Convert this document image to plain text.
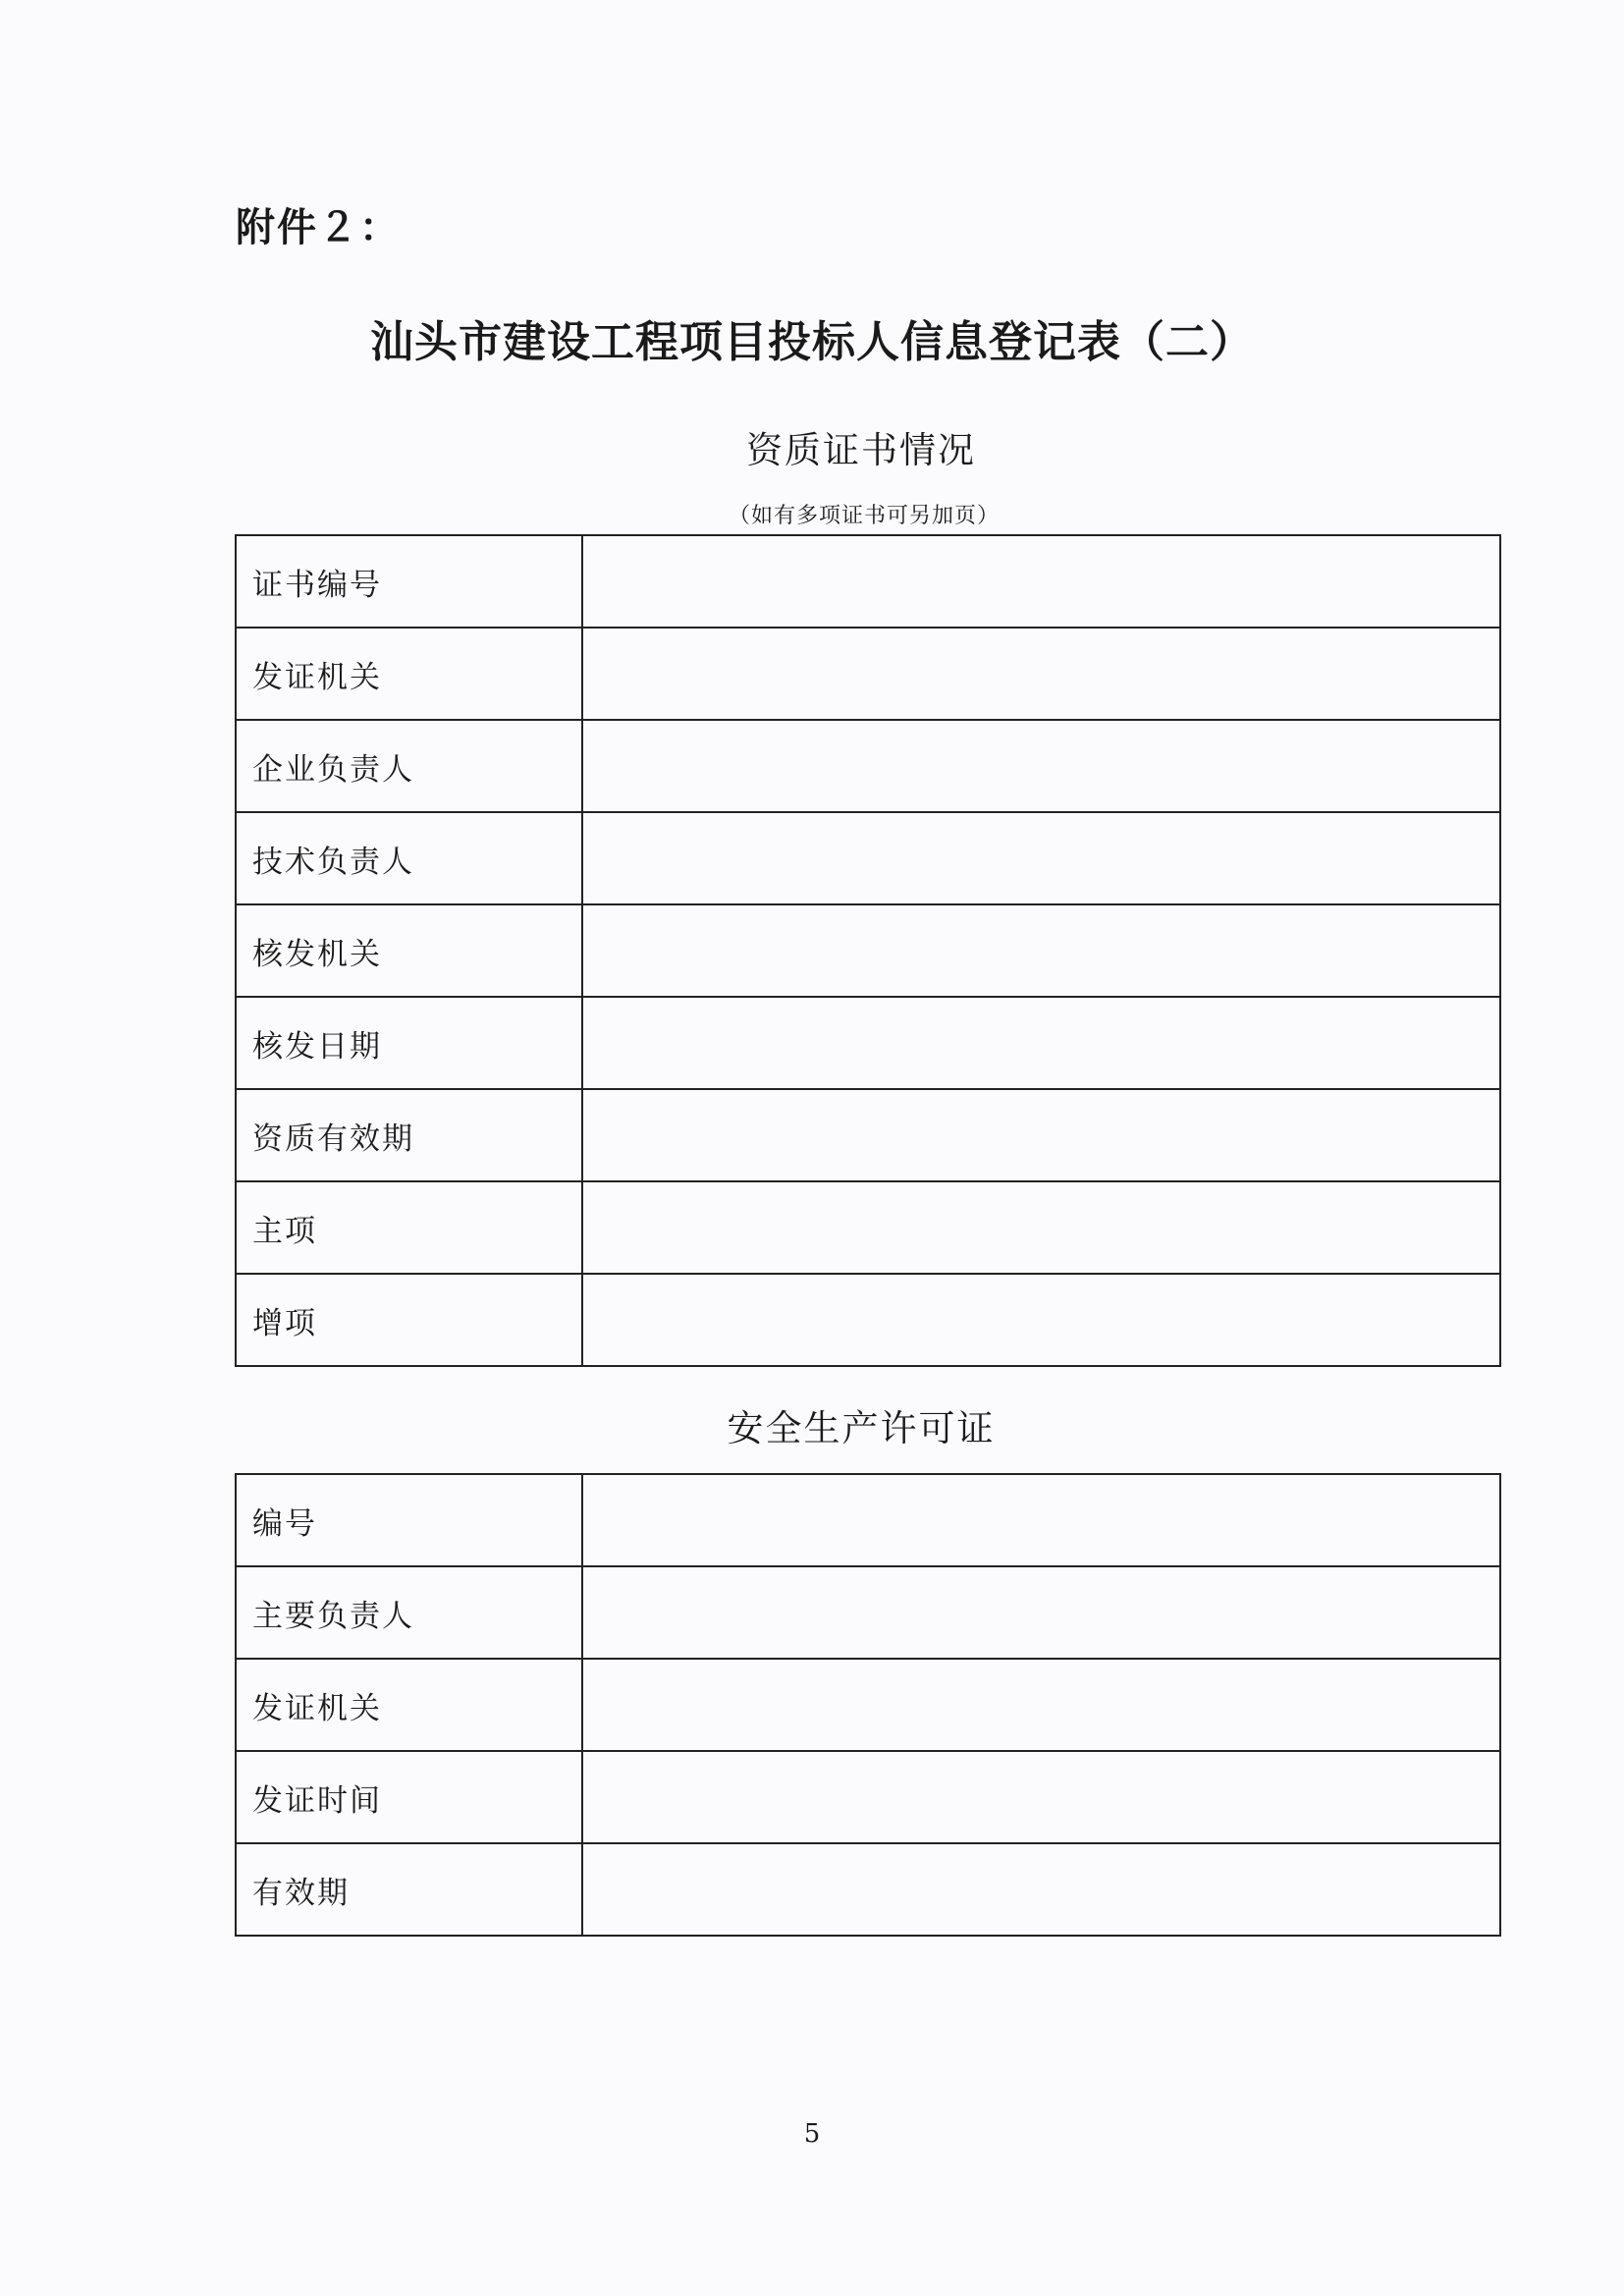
附件２：
汕头市建设工程项目投标人信息登记表（二）
资质证书情况
（如有多项证书可另加页）
证书编号	
发证机关	
企业负责人	
技术负责人	
核发机关	
核发日期	
资质有效期	
主项	
增项	
安全生产许可证
编号	
主要负责人	
发证机关	
发证时间	
有效期	
5
